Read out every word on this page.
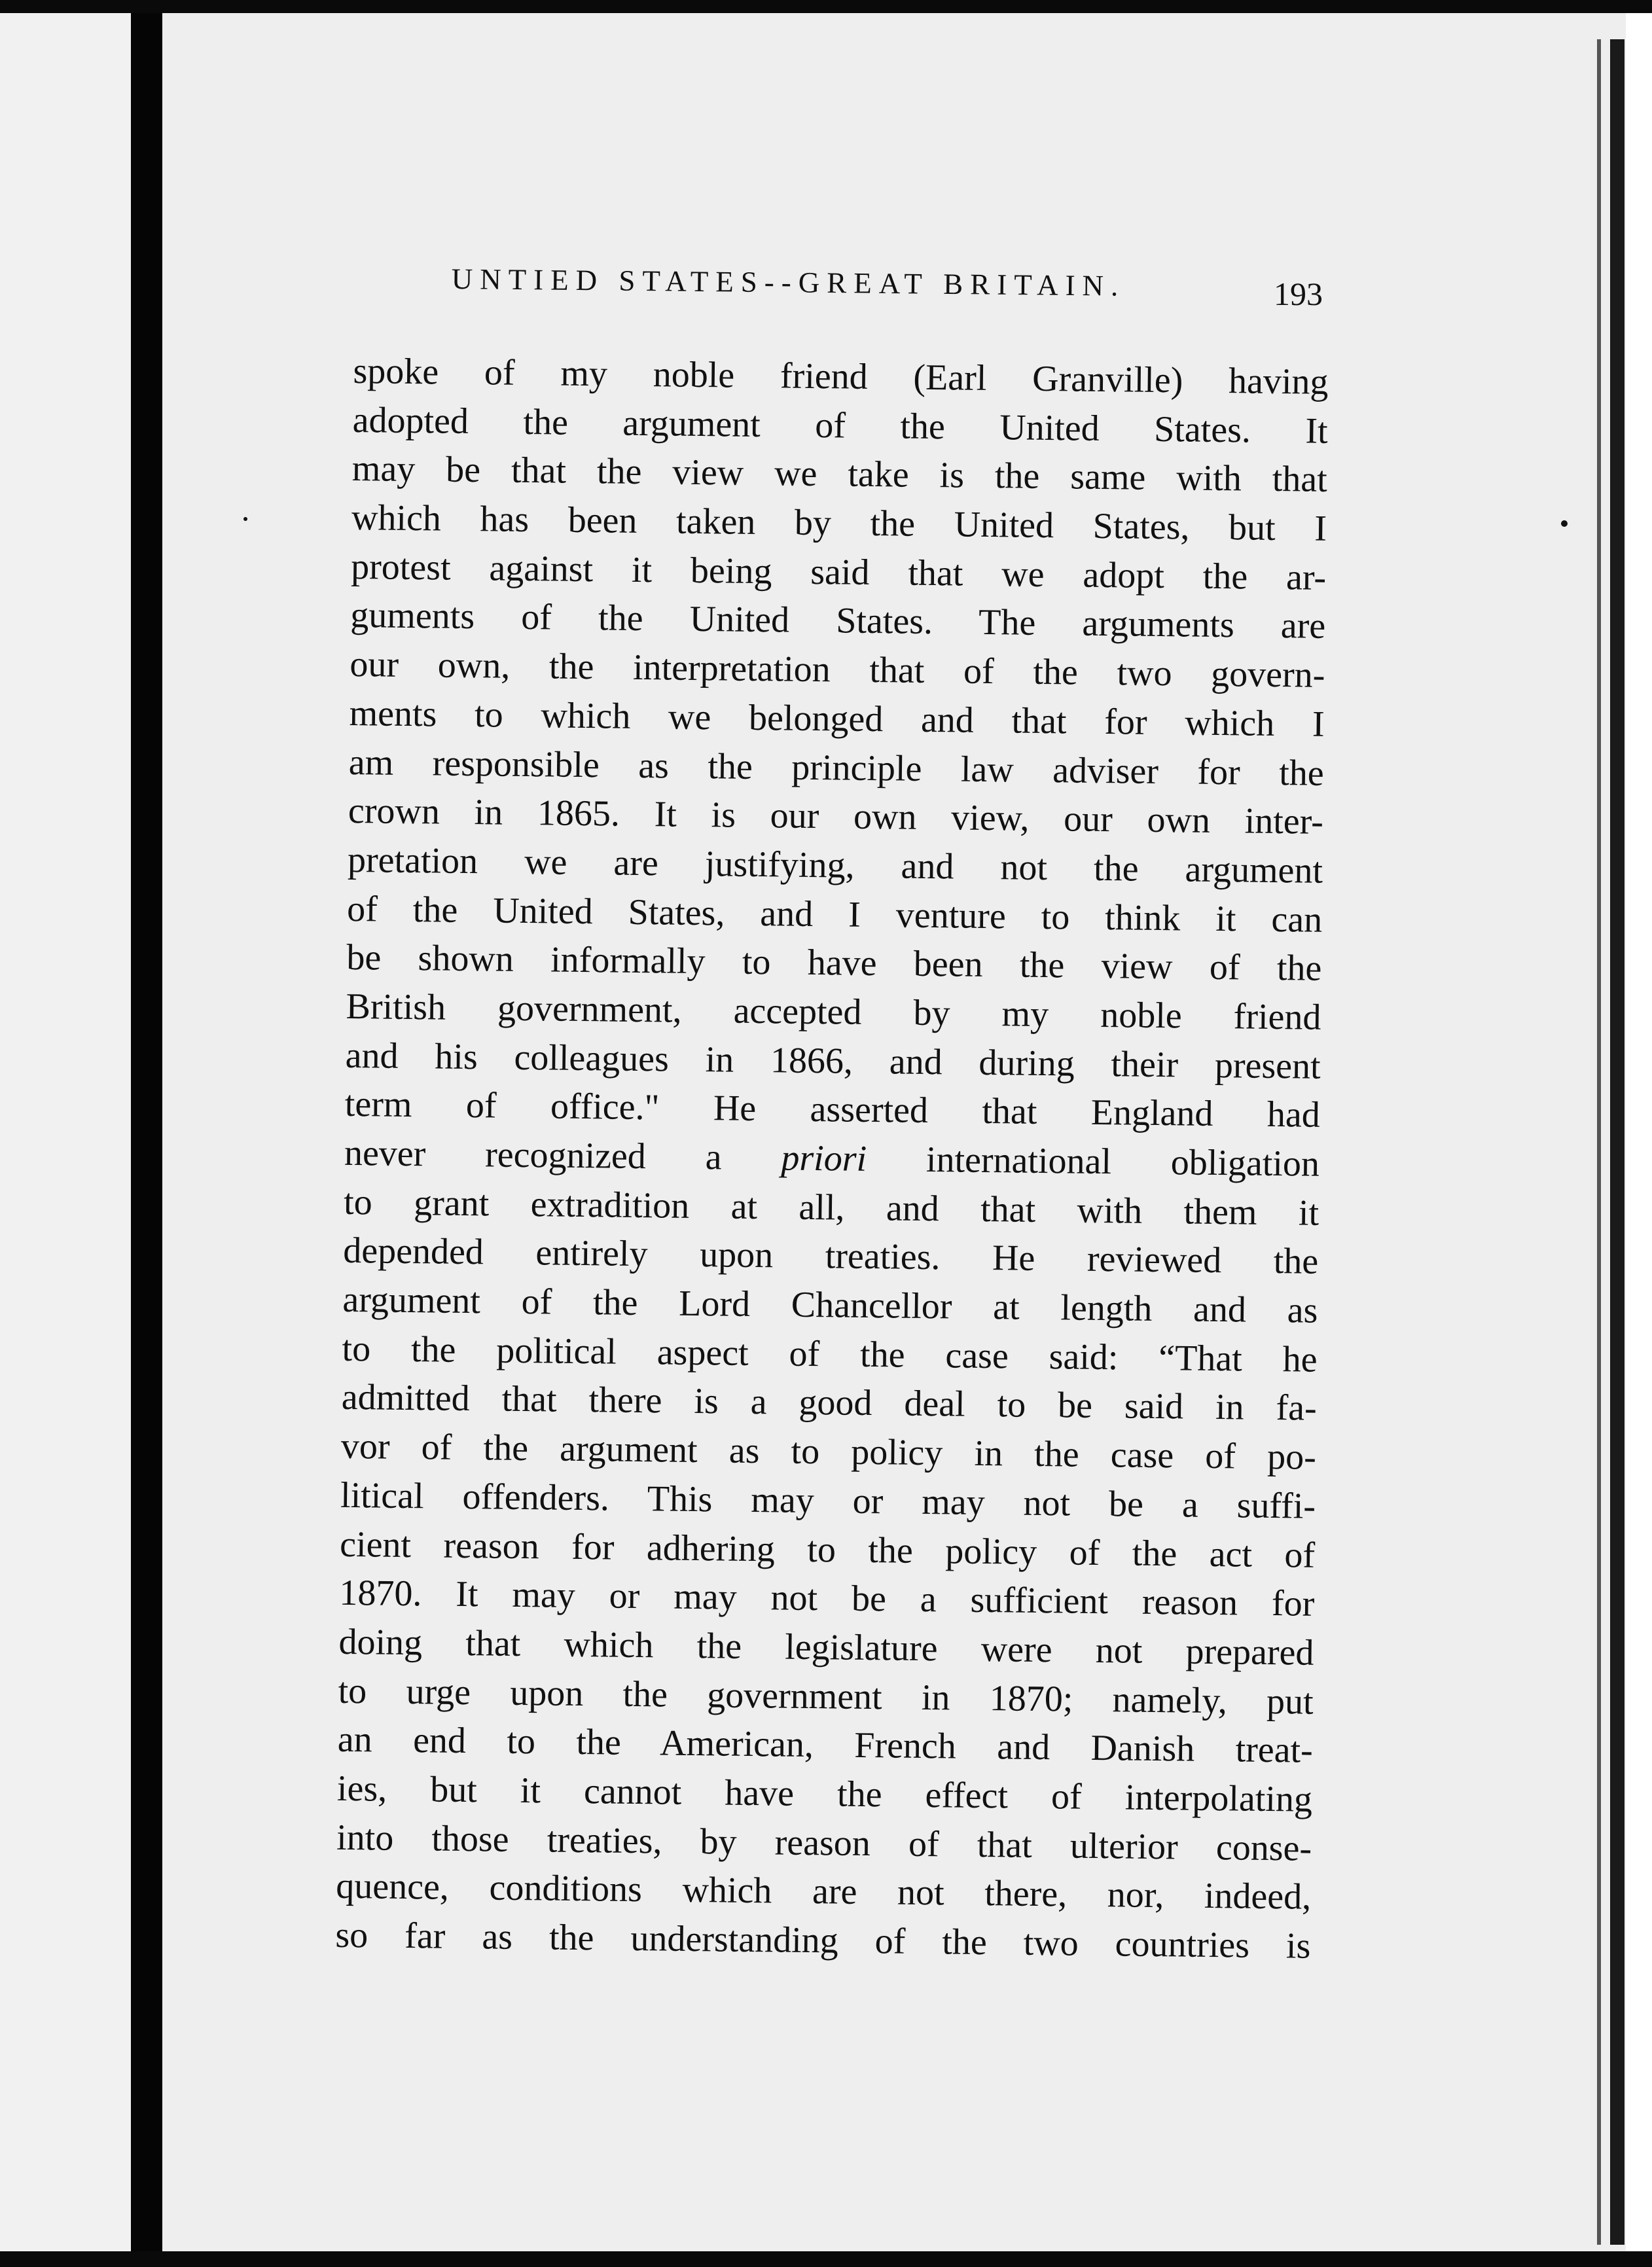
UNTIED STATES--GREAT BRITAIN.	193
spoke of my noble friend (Earl Granville) having
adopted the argument of the United States. It
may be that the view we take is the same with that
which has been taken by the United States, but I
protest against it being said that we adopt the ar-
guments of the United States. The arguments are
our own, the interpretation that of the two govern-
ments to which we belonged and that for which I
am responsible as the principle law adviser for the
crown in 1865. It is our own view, our own inter-
pretation we are justifying, and not the argument
of the United States, and I venture to think it can
be shown informally to have been the view of the
British government, accepted by my noble friend
and his colleagues in 1866, and during their present
term of office." He asserted that England had
never recognized a priori international obligation
to grant extradition at all, and that with them it
depended entirely upon treaties. He reviewed the
argument of the Lord Chancellor at length and as
to the political aspect of the case said: “That he
admitted that there is a good deal to be said in fa-
vor of the argument as to policy in the case of po-
litical offenders. This may or may not be a suffi-
cient reason for adhering to the policy of the act of
1870. It may or may not be a sufficient reason for
doing that which the legislature were not prepared
to urge upon the government in 1870; namely, put
an end to the American, French and Danish treat-
ies, but it cannot have the effect of interpolating
into those treaties, by reason of that ulterior conse-
quence, conditions which are not there, nor, indeed,
so far as the understanding of the two countries is
